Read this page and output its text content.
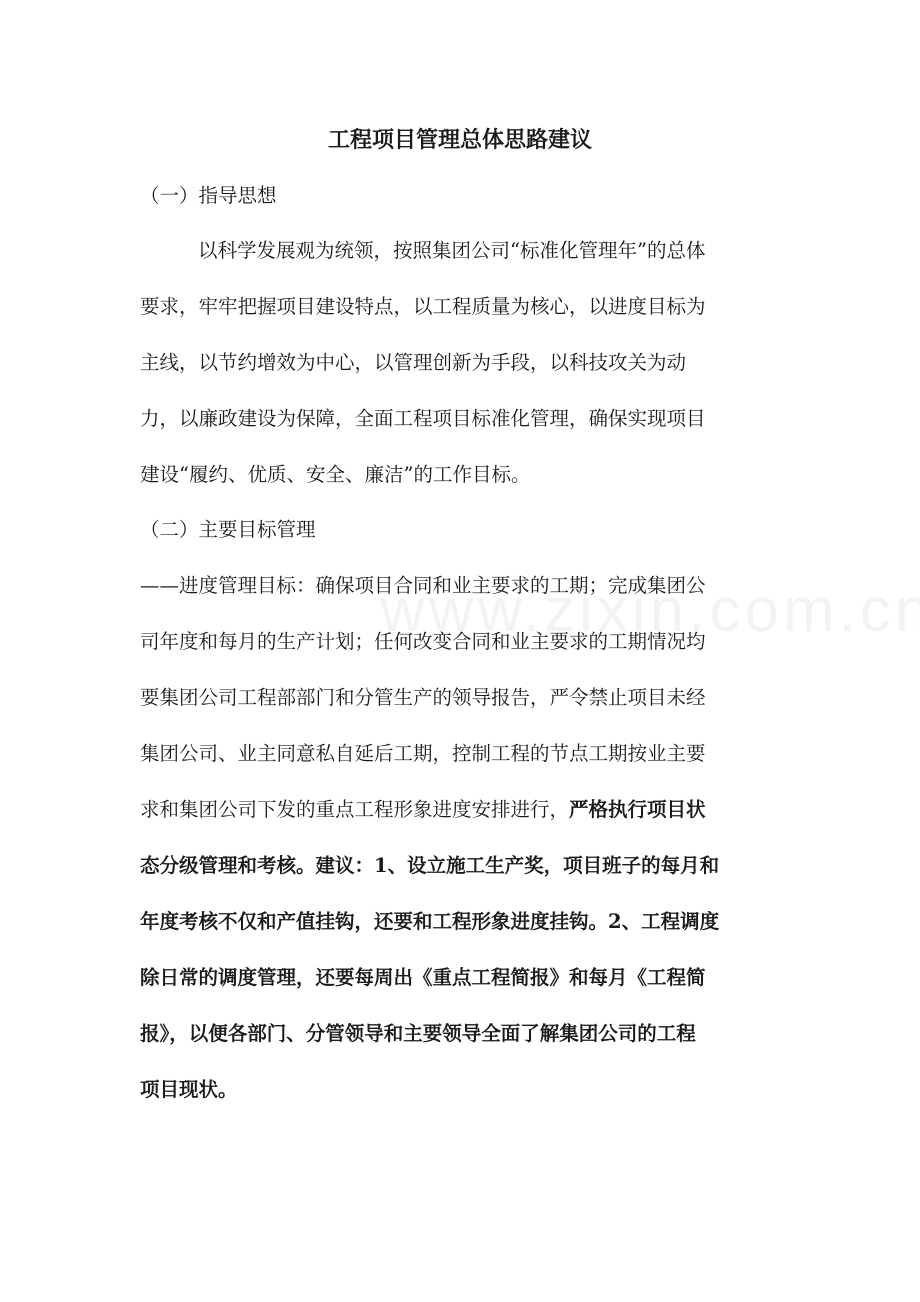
工程项目管理总体思路建议

（一）指导思想

以科学发展观为统领，按照集团公司“标准化管理年”的总体

要求，牢牢把握项目建设特点，以工程质量为核心，以进度目标为

主线，以节约增效为中心，以管理创新为手段，以科技攻关为动

力，以廉政建设为保障，全面工程项目标准化管理，确保实现项目

建设“履约、优质、安全、廉洁”的工作目标。

（二）主要目标管理

——进度管理目标：确保项目合同和业主要求的工期；完成集团公

司年度和每月的生产计划；任何改变合同和业主要求的工期情况均

要集团公司工程部部门和分管生产的领导报告，严令禁止项目未经

集团公司、业主同意私自延后工期，控制工程的节点工期按业主要

求和集团公司下发的重点工程形象进度安排进行，严格执行项目状

态分级管理和考核。建议：1、设立施工生产奖，项目班子的每月和

年度考核不仅和产值挂钩，还要和工程形象进度挂钩。2、工程调度

除日常的调度管理，还要每周出《重点工程简报》和每月《工程简

报》，以便各部门、分管领导和主要领导全面了解集团公司的工程

项目现状。
